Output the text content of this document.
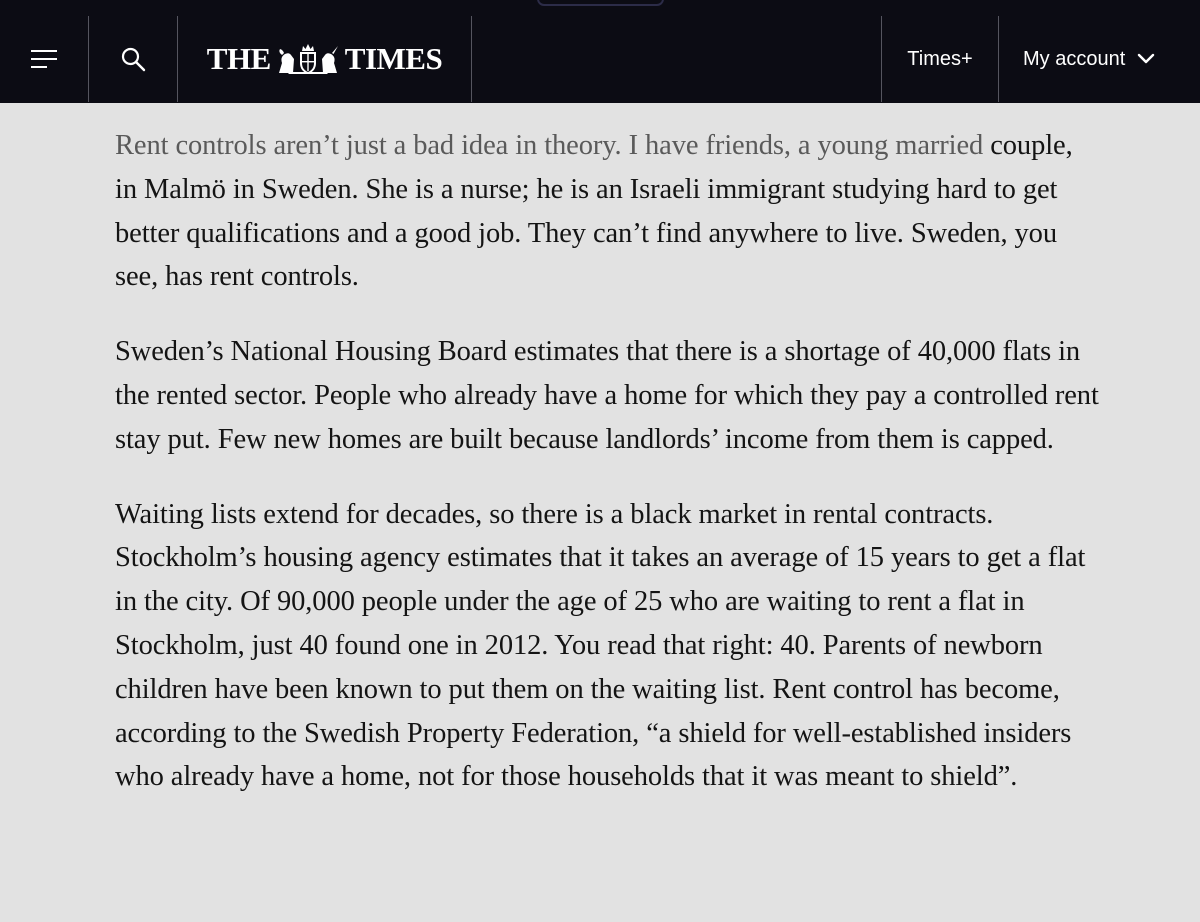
THE TIMES	Times+	My account

Rent controls aren’t just a bad idea in theory. I have friends, a young married couple, in Malmö in Sweden. She is a nurse; he is an Israeli immigrant studying hard to get better qualifications and a good job. They can’t find anywhere to live. Sweden, you see, has rent controls.

Sweden’s National Housing Board estimates that there is a shortage of 40,000 flats in the rented sector. People who already have a home for which they pay a controlled rent stay put. Few new homes are built because landlords’ income from them is capped.

Waiting lists extend for decades, so there is a black market in rental contracts. Stockholm’s housing agency estimates that it takes an average of 15 years to get a flat in the city. Of 90,000 people under the age of 25 who are waiting to rent a flat in Stockholm, just 40 found one in 2012. You read that right: 40. Parents of newborn children have been known to put them on the waiting list. Rent control has become, according to the Swedish Property Federation, “a shield for well-established insiders who already have a home, not for those households that it was meant to shield”.
